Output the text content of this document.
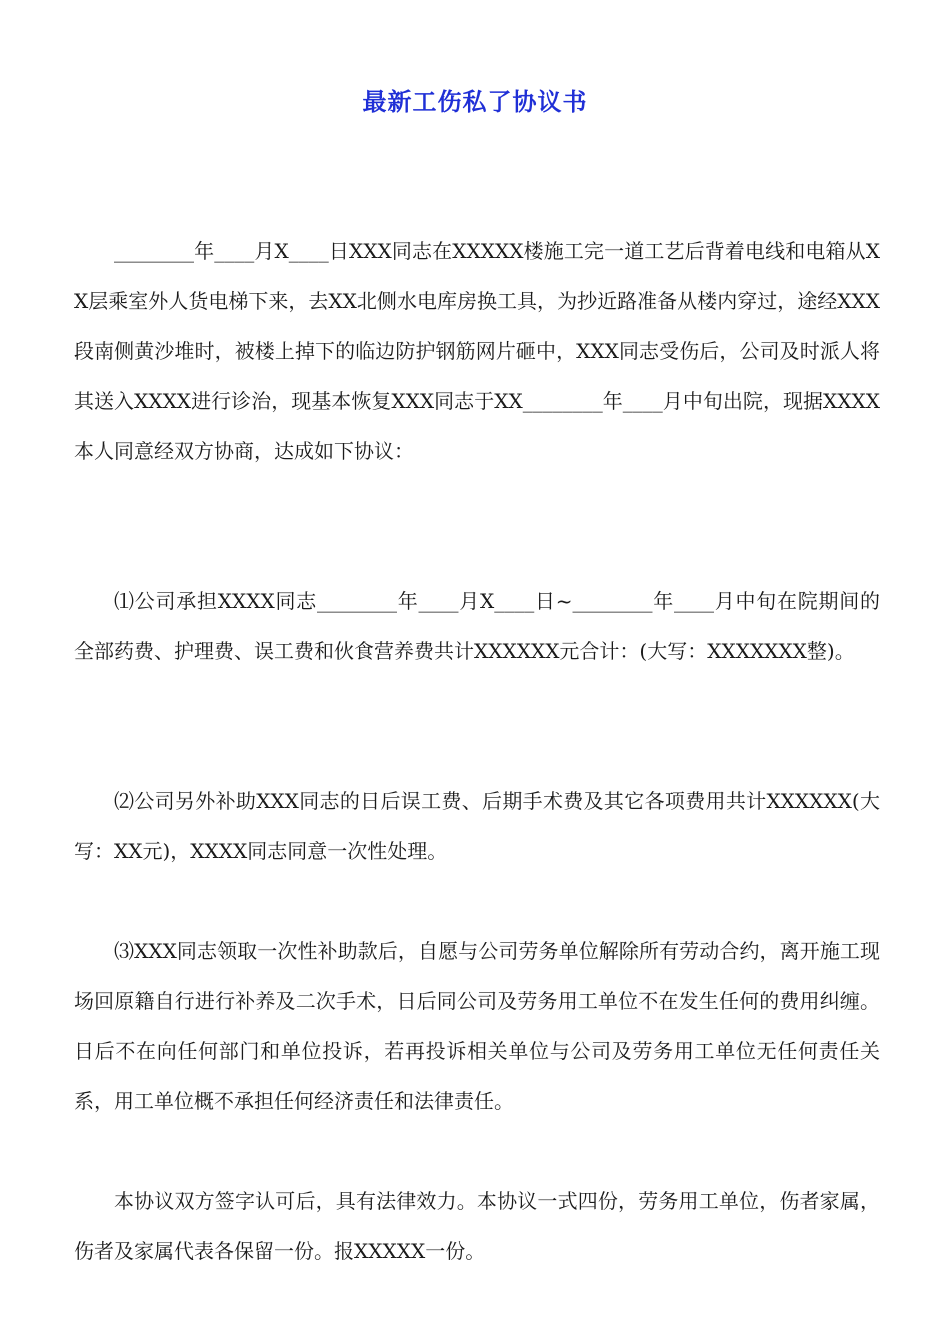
最新工伤私了协议书

________年____月X____日XXX同志在XXXXX楼施工完一道工艺后背着电线和电箱从XX层乘室外人货电梯下来，去XX北侧水电库房换工具，为抄近路准备从楼内穿过，途经XXX段南侧黄沙堆时，被楼上掉下的临边防护钢筋网片砸中，XXX同志受伤后，公司及时派人将其送入XXXX进行诊治，现基本恢复XXX同志于XX________年____月中旬出院，现据XXXX本人同意经双方协商，达成如下协议：

⑴公司承担XXXX同志________年____月X____日~________年____月中旬在院期间的全部药费、护理费、误工费和伙食营养费共计XXXXXX元合计：(大写：XXXXXXX整)。

⑵公司另外补助XXX同志的日后误工费、后期手术费及其它各项费用共计XXXXXX(大写：XX元)，XXXX同志同意一次性处理。

⑶XXX同志领取一次性补助款后，自愿与公司劳务单位解除所有劳动合约，离开施工现场回原籍自行进行补养及二次手术，日后同公司及劳务用工单位不在发生任何的费用纠缠。日后不在向任何部门和单位投诉，若再投诉相关单位与公司及劳务用工单位无任何责任关系，用工单位概不承担任何经济责任和法律责任。

本协议双方签字认可后，具有法律效力。本协议一式四份，劳务用工单位，伤者家属，伤者及家属代表各保留一份。报XXXXX一份。
